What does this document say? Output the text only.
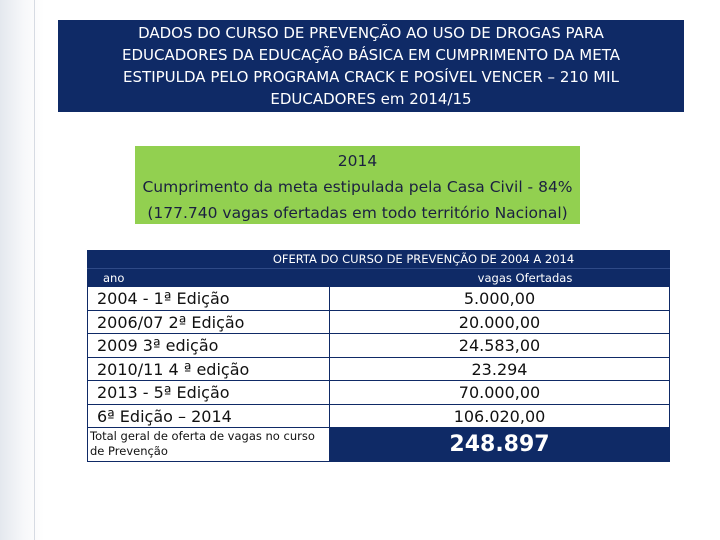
DADOS DO CURSO DE PREVENÇÃO AO USO DE DROGAS PARA
EDUCADORES DA EDUCAÇÃO BÁSICA EM CUMPRIMENTO DA META
ESTIPULDA PELO PROGRAMA CRACK E POSÍVEL VENCER – 210 MIL
EDUCADORES em 2014/15
2014
Cumprimento da meta estipulada pela Casa Civil - 84%
(177.740 vagas ofertadas em todo território Nacional)
OFERTA DO CURSO DE PREVENÇÃO DE 2004 A 2014
ano	vagas Ofertadas
2004 - 1ª Edição	5.000,00
2006/07 2ª Edição	20.000,00
2009 3ª edição	24.583,00
2010/11 4 ª edição	23.294
2013 - 5ª Edição	70.000,00
6ª Edição – 2014	106.020,00
Total geral de oferta de vagas no curso de Prevenção	248.897
